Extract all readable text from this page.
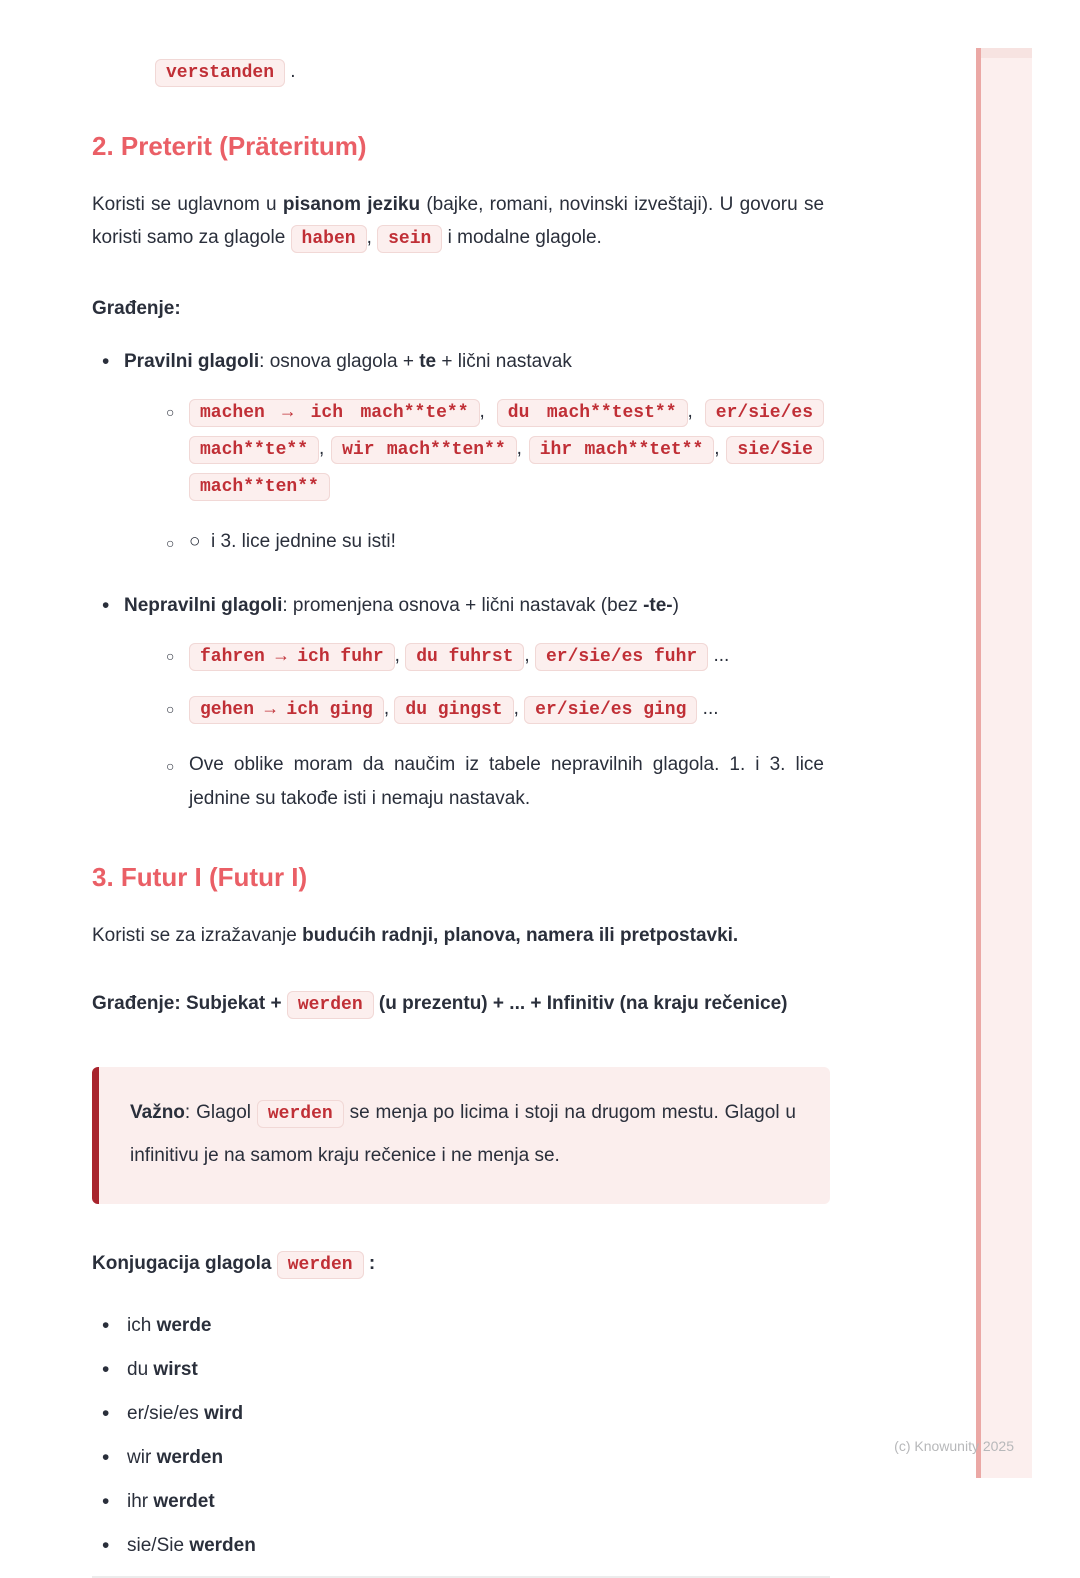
verstanden .

2. Preterit (Präteritum)

Koristi se uglavnom u pisanom jeziku (bajke, romani, novinski izveštaji). U govoru se koristi samo za glagole haben , sein i modalne glagole.

Građenje:

• Pravilni glagoli: osnova glagola + te + lični nastavak
○ machen → ich mach**te** , du mach**test** , er/sie/es mach**te** , wir mach**ten** , ihr mach**tet** , sie/Sie mach**ten**
○ ○  i 3. lice jednine su isti!
• Nepravilni glagoli: promenjena osnova + lični nastavak (bez -te-)
○ fahren → ich fuhr , du fuhrst , er/sie/es fuhr ...
○ gehen → ich ging , du gingst , er/sie/es ging ...
○ Ove oblike moram da naučim iz tabele nepravilnih glagola. 1. i 3. lice jednine su takođe isti i nemaju nastavak.
3. Futur I (Futur I)

Koristi se za izražavanje budućih radnji, planova, namera ili pretpostavki.

Građenje: Subjekat + werden (u prezentu) + ... + Infinitiv (na kraju rečenice)

Važno: Glagol werden se menja po licima i stoji na drugom mestu. Glagol u infinitivu je na samom kraju rečenice i ne menja se.

Konjugacija glagola werden :

• ich werde
• du wirst
• er/sie/es wird
• wir werden
• ihr werdet
• sie/Sie werden
(c) Knowunity 2025
